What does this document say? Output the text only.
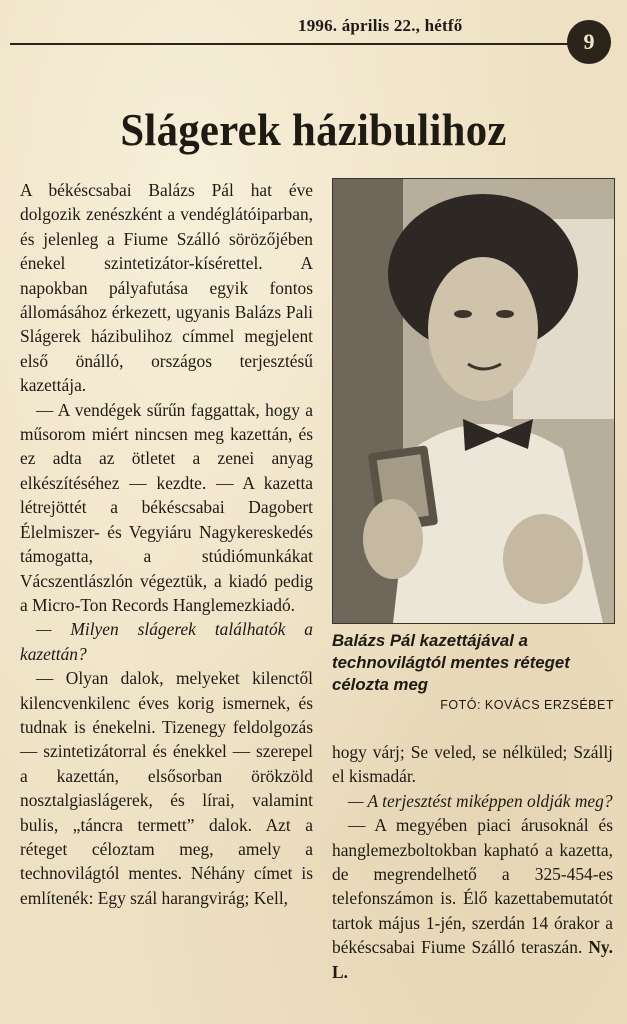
1996. április 22., hétfő
9
Slágerek házibulihoz

A békéscsabai Balázs Pál hat éve dolgozik zenészként a vendéglátóiparban, és jelenleg a Fiume Szálló sörözőjében énekel szintetizátor-kísérettel. A napokban pályafutása egyik fontos állomásához érkezett, ugyanis Balázs Pali Slágerek házibulihoz címmel megjelent első önálló, országos terjesztésű kazettája.

— A vendégek sűrűn faggattak, hogy a műsorom miért nincsen meg kazettán, és ez adta az ötletet a zenei anyag elkészítéséhez — kezdte. — A kazetta létrejöttét a békéscsabai Dagobert Élelmiszer- és Vegyiáru Nagykereskedés támogatta, a stúdiómunkákat Vácszentlászlón végeztük, a kiadó pedig a Micro-Ton Records Hanglemezkiadó.

— Milyen slágerek találhatók a kazettán?

— Olyan dalok, melyeket kilenctől kilencvenkilenc éves korig ismernek, és tudnak is énekelni. Tizenegy feldolgozás — szintetizátorral és énekkel — szerepel a kazettán, elsősorban örökzöld nosztalgiaslágerek, és lírai, valamint bulis, „táncra termett” dalok. Azt a réteget céloztam meg, amely a technovilágtól mentes. Néhány címet is említenék: Egy szál harangvirág; Kell,

Balázs Pál kazettájával a technovilágtól mentes réteget célozta meg
FOTÓ: KOVÁCS ERZSÉBET

hogy várj; Se veled, se nélküled; Szállj el kismadár.

— A terjesztést miképpen oldják meg?

— A megyében piaci árusoknál és hanglemezboltokban kapható a kazetta, de megrendelhető a 325-454-es telefonszámon is. Élő kazettabemutatót tartok május 1-jén, szerdán 14 órakor a békéscsabai Fiume Szálló teraszán. Ny. L.
